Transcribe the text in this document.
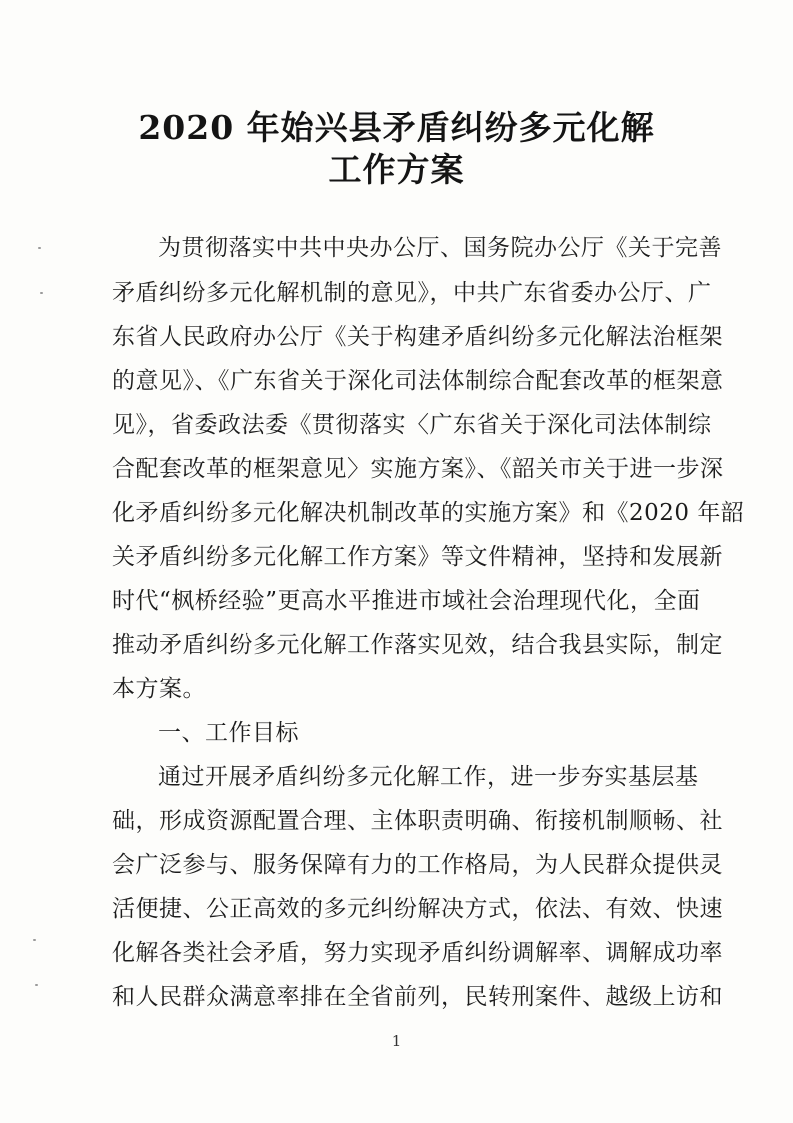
2020 年始兴县矛盾纠纷多元化解
工作方案
为贯彻落实中共中央办公厅、国务院办公厅《关于完善
矛盾纠纷多元化解机制的意见》，中共广东省委办公厅、广
东省人民政府办公厅《关于构建矛盾纠纷多元化解法治框架
的意见》、《广东省关于深化司法体制综合配套改革的框架意
见》，省委政法委《贯彻落实〈广东省关于深化司法体制综
合配套改革的框架意见〉实施方案》、《韶关市关于进一步深
化矛盾纠纷多元化解决机制改革的实施方案》和《2020 年韶
关矛盾纠纷多元化解工作方案》等文件精神，坚持和发展新
时代“枫桥经验”更高水平推进市域社会治理现代化，全面
推动矛盾纠纷多元化解工作落实见效，结合我县实际，制定
本方案。
一、工作目标
通过开展矛盾纠纷多元化解工作，进一步夯实基层基
础，形成资源配置合理、主体职责明确、衔接机制顺畅、社
会广泛参与、服务保障有力的工作格局，为人民群众提供灵
活便捷、公正高效的多元纠纷解决方式，依法、有效、快速
化解各类社会矛盾，努力实现矛盾纠纷调解率、调解成功率
和人民群众满意率排在全省前列，民转刑案件、越级上访和
1
